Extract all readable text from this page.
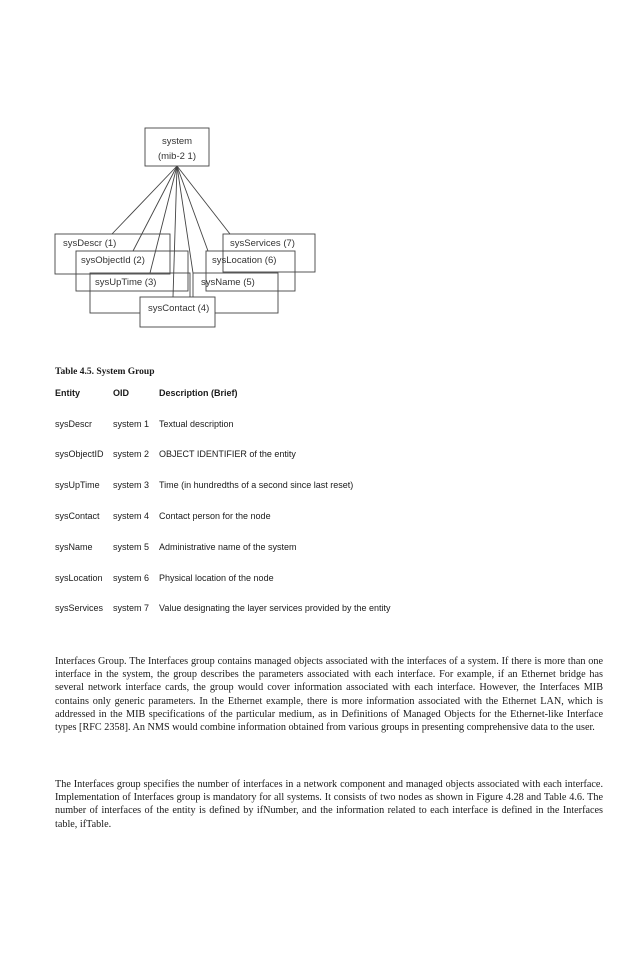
system
(mib-2 1)
sysDescr (1)
sysObjectId (2)
sysUpTime (3)
sysContact (4)
sysName (5)
sysLocation (6)
sysServices (7)
Table 4.5. System Group
Entity	OID	Description (Brief)
sysDescr system 1 Textual description
sysObjectID system 2 OBJECT IDENTIFIER of the entity
sysUpTime system 3 Time (in hundredths of a second since last reset)
sysContact system 4 Contact person for the node
sysName system 5 Administrative name of the system
sysLocation system 6 Physical location of the node
sysServices system 7 Value designating the layer services provided by the entity

Interfaces Group. The Interfaces group contains managed objects associated with the interfaces of a system. If there is more than one interface in the system, the group describes the parameters associated with each interface. For example, if an Ethernet bridge has several network interface cards, the group would cover information associated with each interface. However, the Interfaces MIB contains only generic parameters. In the Ethernet example, there is more information associated with the Ethernet LAN, which is addressed in the MIB specifications of the particular medium, as in Definitions of Managed Objects for the Ethernet-like Interface types [RFC 2358]. An NMS would combine information obtained from various groups in presenting comprehensive data to the user.

The Interfaces group specifies the number of interfaces in a network component and managed objects associated with each interface. Implementation of Interfaces group is mandatory for all systems. It consists of two nodes as shown in Figure 4.28 and Table 4.6. The number of interfaces of the entity is defined by ifNumber, and the information related to each interface is defined in the Interfaces table, ifTable.
